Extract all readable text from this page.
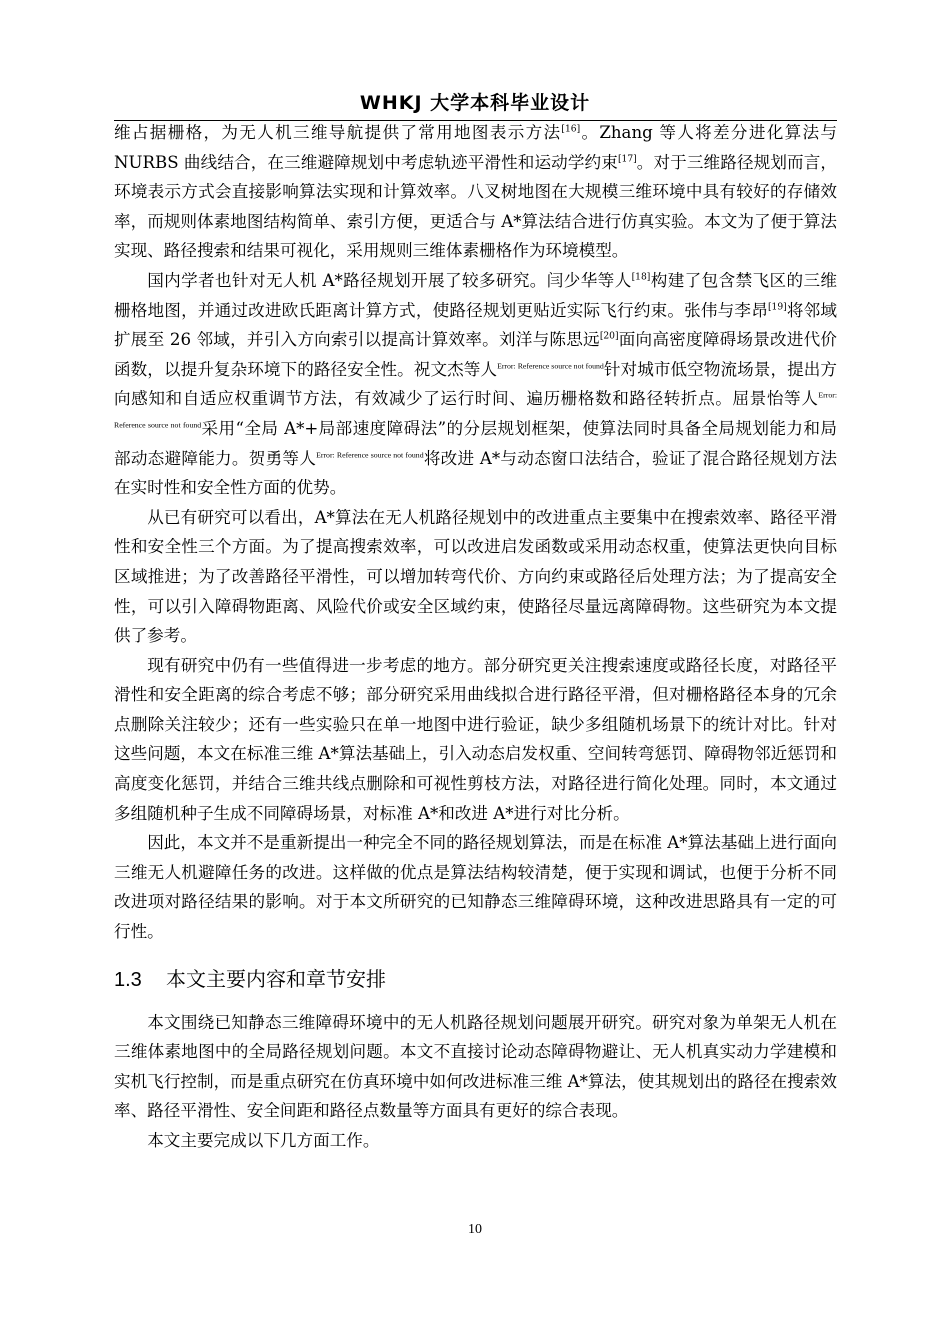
WHKJ 大学本科毕业设计

维占据栅格，为无人机三维导航提供了常用地图表示方法[16]。Zhang 等人将差分进化算法与 NURBS 曲线结合，在三维避障规划中考虑轨迹平滑性和运动学约束[17]。对于三维路径规划而言，环境表示方式会直接影响算法实现和计算效率。八叉树地图在大规模三维环境中具有较好的存储效率，而规则体素地图结构简单、索引方便，更适合与 A*算法结合进行仿真实验。本文为了便于算法实现、路径搜索和结果可视化，采用规则三维体素栅格作为环境模型。

国内学者也针对无人机 A*路径规划开展了较多研究。闫少华等人[18]构建了包含禁飞区的三维栅格地图，并通过改进欧氏距离计算方式，使路径规划更贴近实际飞行约束。张伟与李昂[19]将邻域扩展至 26 邻域，并引入方向索引以提高计算效率。刘洋与陈思远[20]面向高密度障碍场景改进代价函数，以提升复杂环境下的路径安全性。祝文杰等人$^{Error: Reference source not found}$针对城市低空物流场景，提出方向感知和自适应权重调节方法，有效减少了运行时间、遍历栅格数和路径转折点。屈景怡等人$^{Error: Reference source not found}$采用“全局 A*+局部速度障碍法”的分层规划框架，使算法同时具备全局规划能力和局部动态避障能力。贺勇等人$^{Error: Reference source not found}$将改进 A*与动态窗口法结合，验证了混合路径规划方法在实时性和安全性方面的优势。

从已有研究可以看出，A*算法在无人机路径规划中的改进重点主要集中在搜索效率、路径平滑性和安全性三个方面。为了提高搜索效率，可以改进启发函数或采用动态权重，使算法更快向目标区域推进；为了改善路径平滑性，可以增加转弯代价、方向约束或路径后处理方法；为了提高安全性，可以引入障碍物距离、风险代价或安全区域约束，使路径尽量远离障碍物。这些研究为本文提供了参考。

现有研究中仍有一些值得进一步考虑的地方。部分研究更关注搜索速度或路径长度，对路径平滑性和安全距离的综合考虑不够；部分研究采用曲线拟合进行路径平滑，但对栅格路径本身的冗余点删除关注较少；还有一些实验只在单一地图中进行验证，缺少多组随机场景下的统计对比。针对这些问题，本文在标准三维 A*算法基础上，引入动态启发权重、空间转弯惩罚、障碍物邻近惩罚和高度变化惩罚，并结合三维共线点删除和可视性剪枝方法，对路径进行简化处理。同时，本文通过多组随机种子生成不同障碍场景，对标准 A*和改进 A*进行对比分析。

因此，本文并不是重新提出一种完全不同的路径规划算法，而是在标准 A*算法基础上进行面向三维无人机避障任务的改进。这样做的优点是算法结构较清楚，便于实现和调试，也便于分析不同改进项对路径结果的影响。对于本文所研究的已知静态三维障碍环境，这种改进思路具有一定的可行性。

1.3 本文主要内容和章节安排

本文围绕已知静态三维障碍环境中的无人机路径规划问题展开研究。研究对象为单架无人机在三维体素地图中的全局路径规划问题。本文不直接讨论动态障碍物避让、无人机真实动力学建模和实机飞行控制，而是重点研究在仿真环境中如何改进标准三维 A*算法，使其规划出的路径在搜索效率、路径平滑性、安全间距和路径点数量等方面具有更好的综合表现。

本文主要完成以下几方面工作。

10
